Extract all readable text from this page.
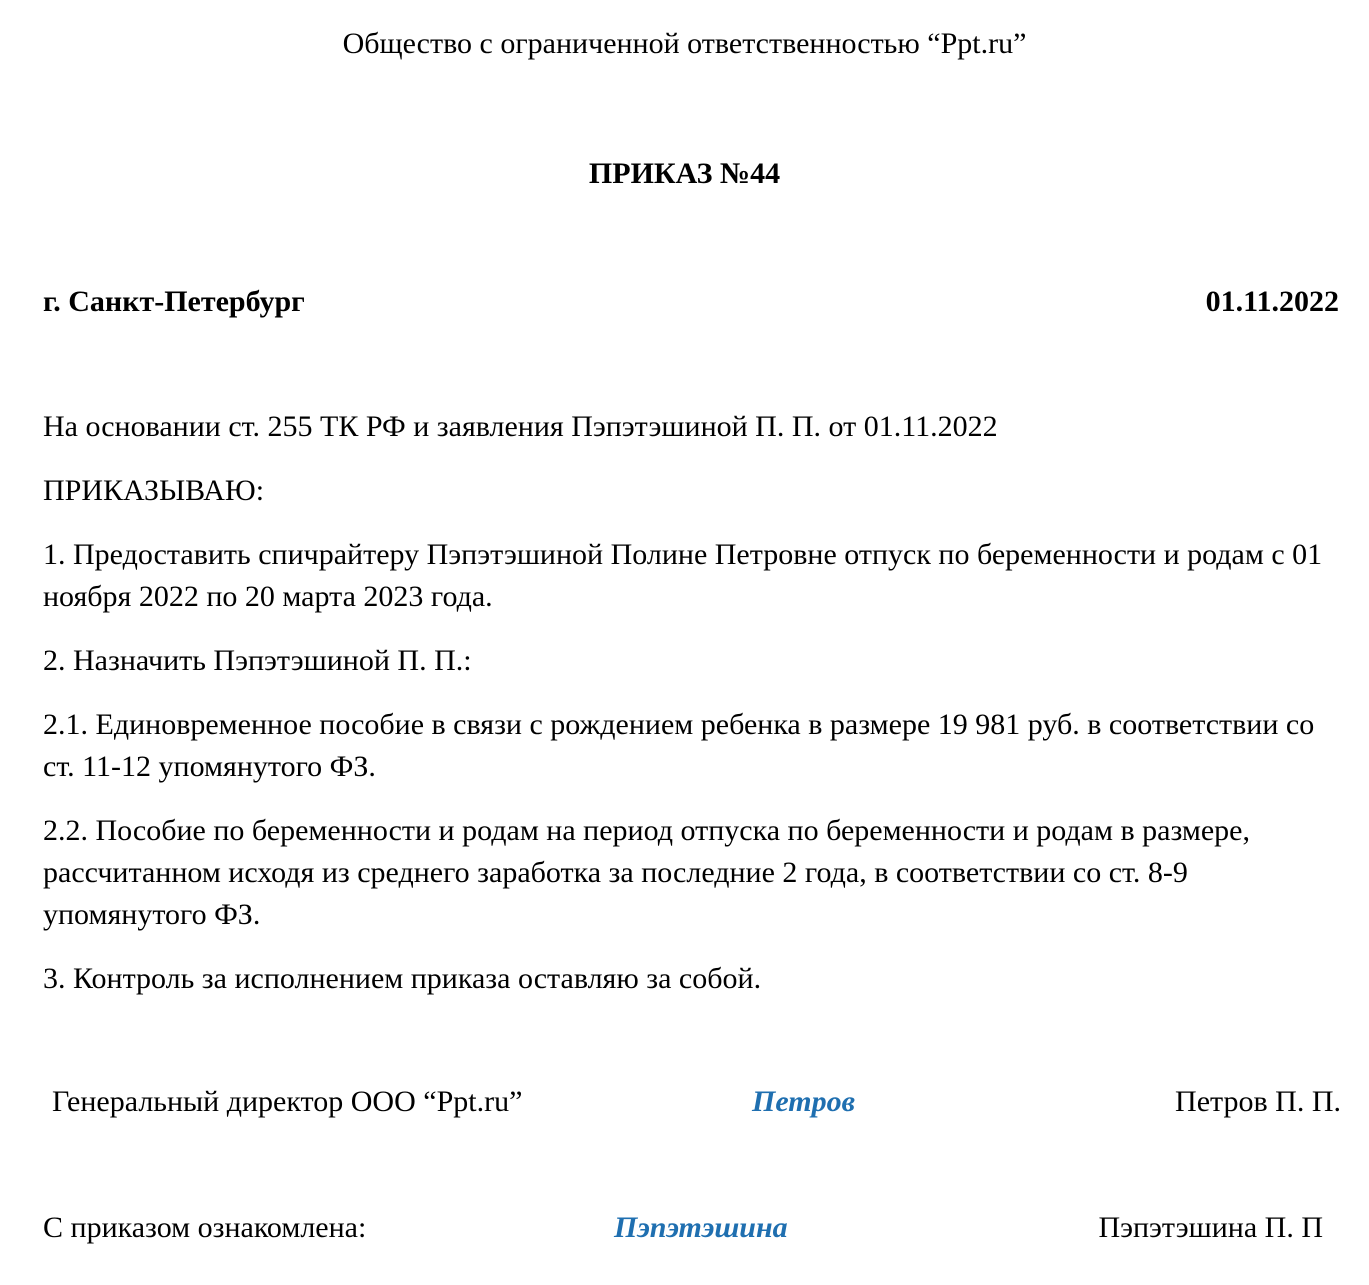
Общество с ограниченной ответственностью “Ppt.ru”
ПРИКАЗ №44
г. Санкт-Петербург	01.11.2022

На основании ст. 255 ТК РФ и заявления Пэпэтэшиной П. П. от 01.11.2022

ПРИКАЗЫВАЮ:

1. Предоставить спичрайтеру Пэпэтэшиной Полине Петровне отпуск по беременности и родам с 01 ноября 2022 по 20 марта 2023 года.

2. Назначить Пэпэтэшиной П. П.:

2.1. Единовременное пособие в связи с рождением ребенка в размере 19 981 руб. в соответствии со ст. 11-12 упомянутого ФЗ.

2.2. Пособие по беременности и родам на период отпуска по беременности и родам в размере, рассчитанном исходя из среднего заработка за последние 2 года, в соответствии со ст. 8-9 упомянутого ФЗ.

3. Контроль за исполнением приказа оставляю за собой.

Генеральный директор ООО “Ppt.ru”	Петров	Петров П. П.
С приказом ознакомлена:	Пэпэтэшина	Пэпэтэшина П. П
